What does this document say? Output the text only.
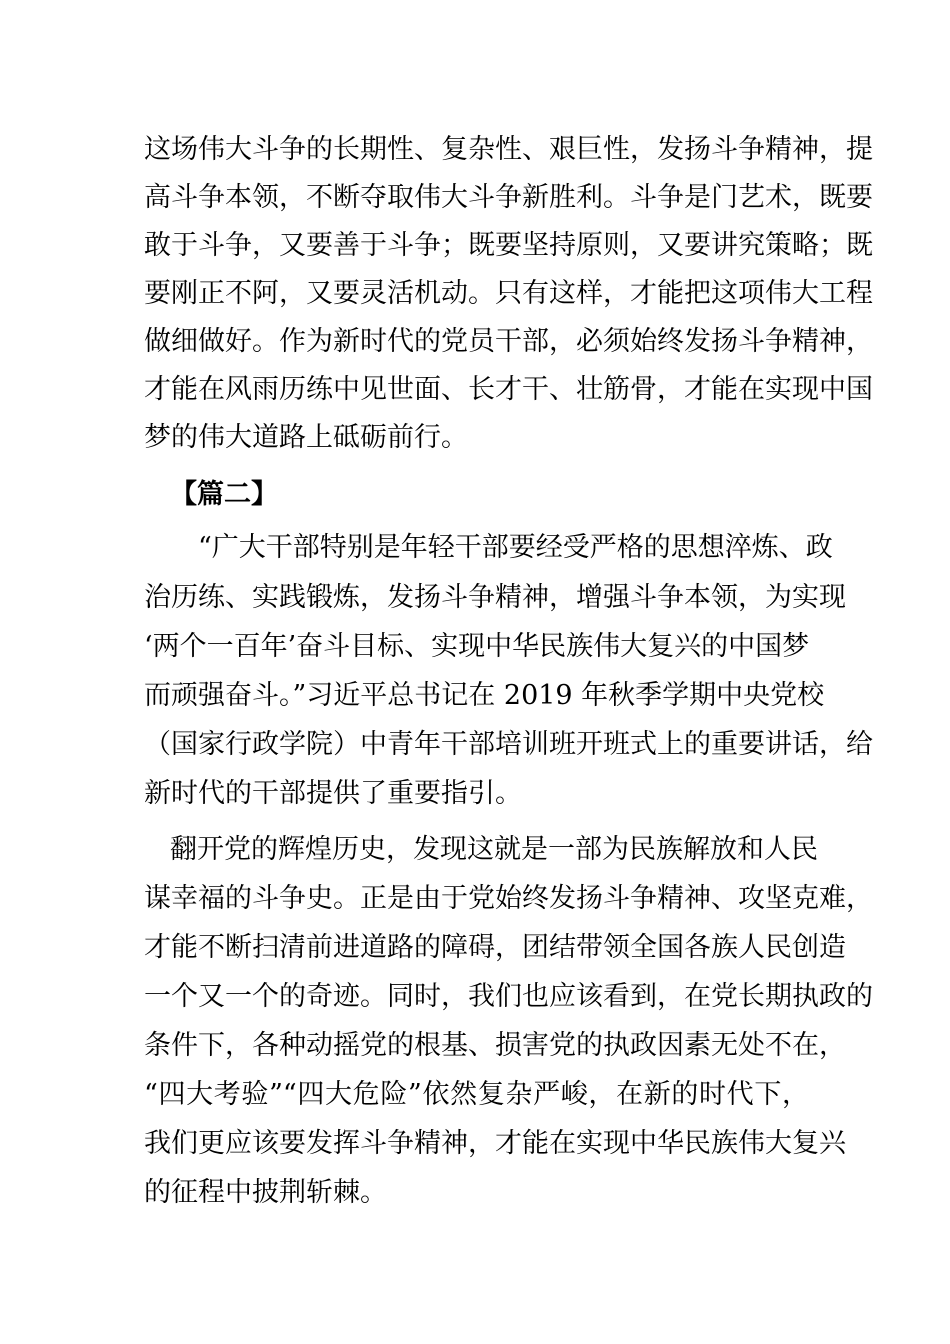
这场伟大斗争的长期性、复杂性、艰巨性，发扬斗争精神，提
高斗争本领，不断夺取伟大斗争新胜利。斗争是门艺术，既要
敢于斗争，又要善于斗争；既要坚持原则，又要讲究策略；既
要刚正不阿，又要灵活机动。只有这样，才能把这项伟大工程
做细做好。作为新时代的党员干部，必须始终发扬斗争精神，
才能在风雨历练中见世面、长才干、壮筋骨，才能在实现中国
梦的伟大道路上砥砺前行。
【篇二】
“广大干部特别是年轻干部要经受严格的思想淬炼、政
治历练、实践锻炼，发扬斗争精神，增强斗争本领，为实现
‘两个一百年’奋斗目标、实现中华民族伟大复兴的中国梦
而顽强奋斗。”习近平总书记在 2019 年秋季学期中央党校
（国家行政学院）中青年干部培训班开班式上的重要讲话，给
新时代的干部提供了重要指引。
翻开党的辉煌历史，发现这就是一部为民族解放和人民
谋幸福的斗争史。正是由于党始终发扬斗争精神、攻坚克难，
才能不断扫清前进道路的障碍，团结带领全国各族人民创造
一个又一个的奇迹。同时，我们也应该看到，在党长期执政的
条件下，各种动摇党的根基、损害党的执政因素无处不在，
“四大考验”“四大危险”依然复杂严峻，在新的时代下，
我们更应该要发挥斗争精神，才能在实现中华民族伟大复兴
的征程中披荆斩棘。
